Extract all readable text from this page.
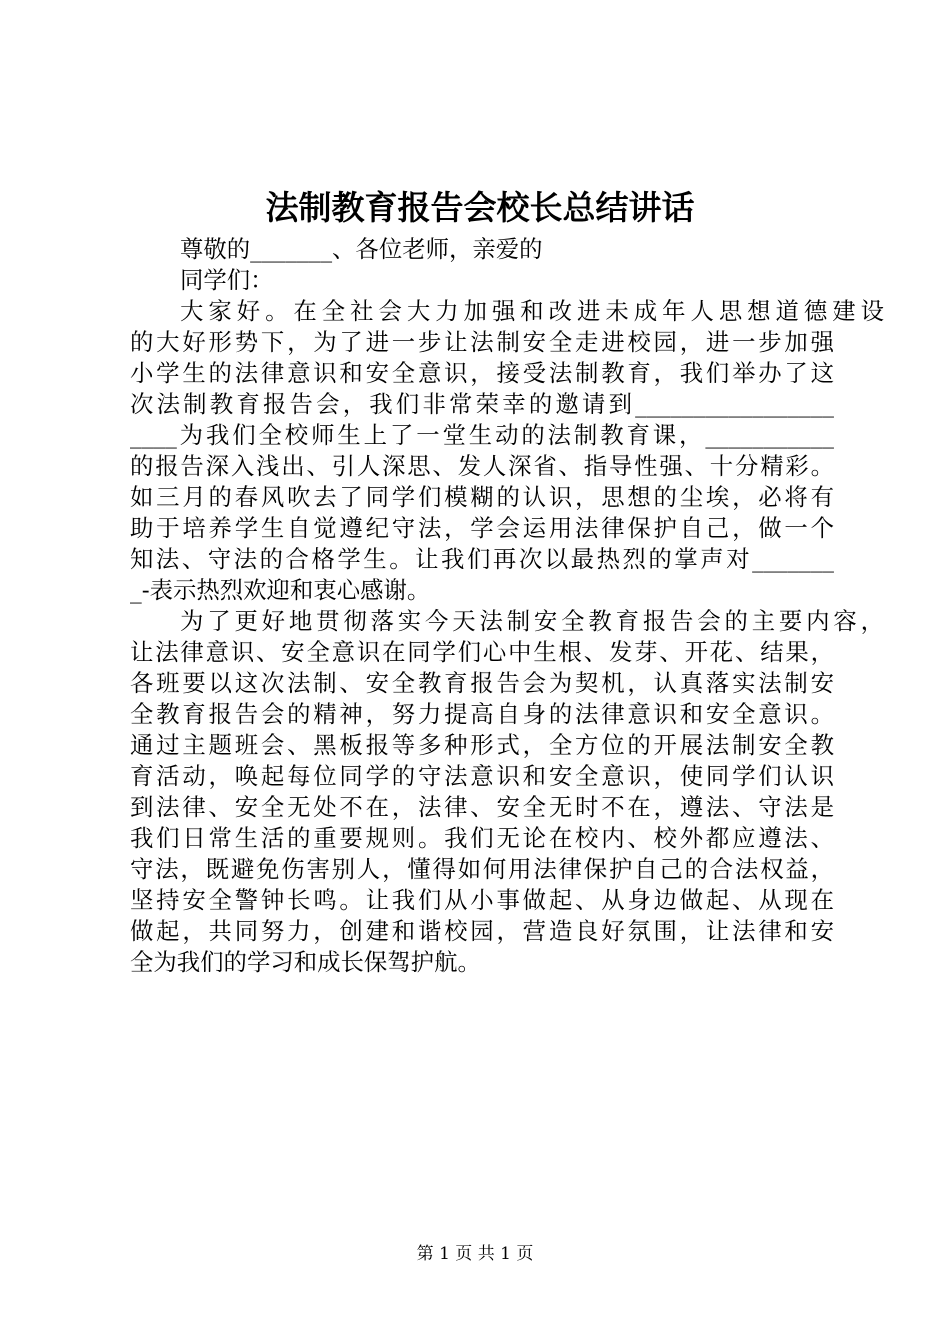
法制教育报告会校长总结讲话
尊敬的_______、各位老师，亲爱的
同学们：
大家好。在全社会大力加强和改进未成年人思想道德建设
的大好形势下，为了进一步让法制安全走进校园，进一步加强
小学生的法律意识和安全意识，接受法制教育，我们举办了这
次法制教育报告会，我们非常荣幸的邀请到_________________
____为我们全校师生上了一堂生动的法制教育课，___________
的报告深入浅出、引人深思、发人深省、指导性强、十分精彩。
如三月的春风吹去了同学们模糊的认识，思想的尘埃，必将有
助于培养学生自觉遵纪守法，学会运用法律保护自己，做一个
知法、守法的合格学生。让我们再次以最热烈的掌声对_______
_-表示热烈欢迎和衷心感谢。
为了更好地贯彻落实今天法制安全教育报告会的主要内容，
让法律意识、安全意识在同学们心中生根、发芽、开花、结果，
各班要以这次法制、安全教育报告会为契机，认真落实法制安
全教育报告会的精神，努力提高自身的法律意识和安全意识。
通过主题班会、黑板报等多种形式，全方位的开展法制安全教
育活动，唤起每位同学的守法意识和安全意识，使同学们认识
到法律、安全无处不在，法律、安全无时不在，遵法、守法是
我们日常生活的重要规则。我们无论在校内、校外都应遵法、
守法，既避免伤害别人，懂得如何用法律保护自己的合法权益，
坚持安全警钟长鸣。让我们从小事做起、从身边做起、从现在
做起，共同努力，创建和谐校园，营造良好氛围，让法律和安
全为我们的学习和成长保驾护航。
第 1 页 共 1 页
